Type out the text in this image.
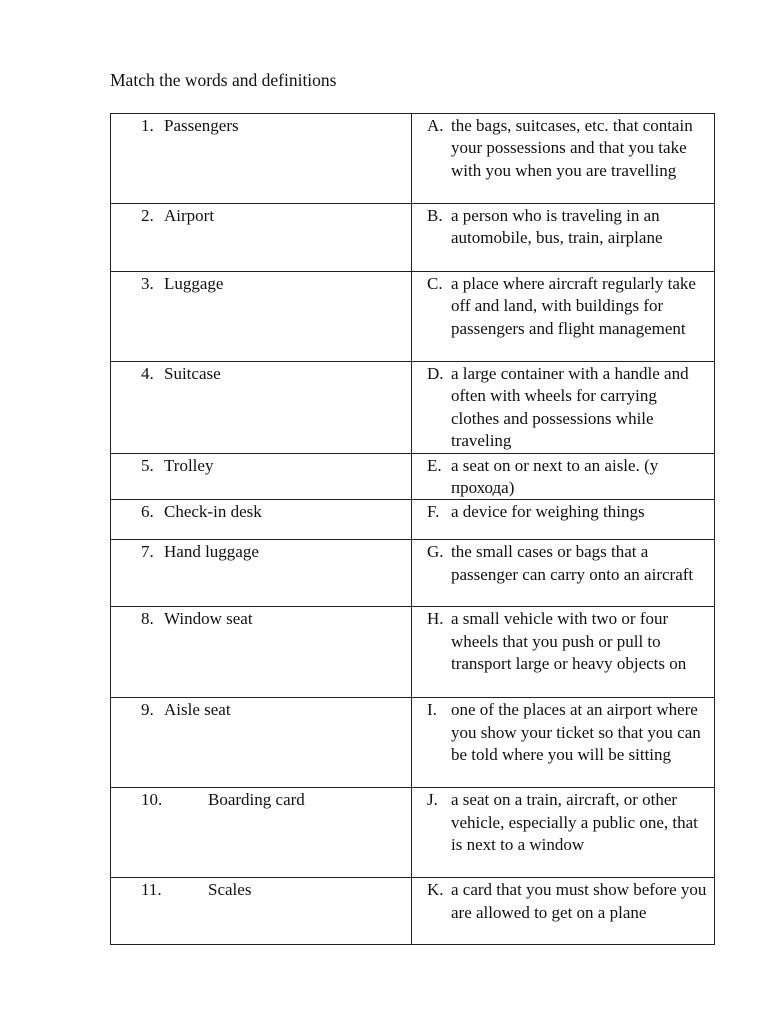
Match the words and definitions
1. Passengers	A. the bags, suitcases, etc. that contain your possessions and that you take with you when you are travelling

2. Airport	B. a person who is traveling in an automobile, bus, train, airplane

3. Luggage	C. a place where aircraft regularly take off and land, with buildings for passengers and flight management

4. Suitcase	D. a large container with a handle and often with wheels for carrying clothes and possessions while traveling

5. Trolley	E. a seat on or next to an aisle. (у прохода)

6. Check-in desk	F. a device for weighing things

7. Hand luggage	G. the small cases or bags that a passenger can carry onto an aircraft

8. Window seat	H. a small vehicle with two or four wheels that you push or pull to transport large or heavy objects on

9. Aisle seat	I. one of the places at an airport where you show your ticket so that you can be told where you will be sitting

10. Boarding card	J. a seat on a train, aircraft, or other vehicle, especially a public one, that is next to a window

11. Scales	K. a card that you must show before you are allowed to get on a plane
